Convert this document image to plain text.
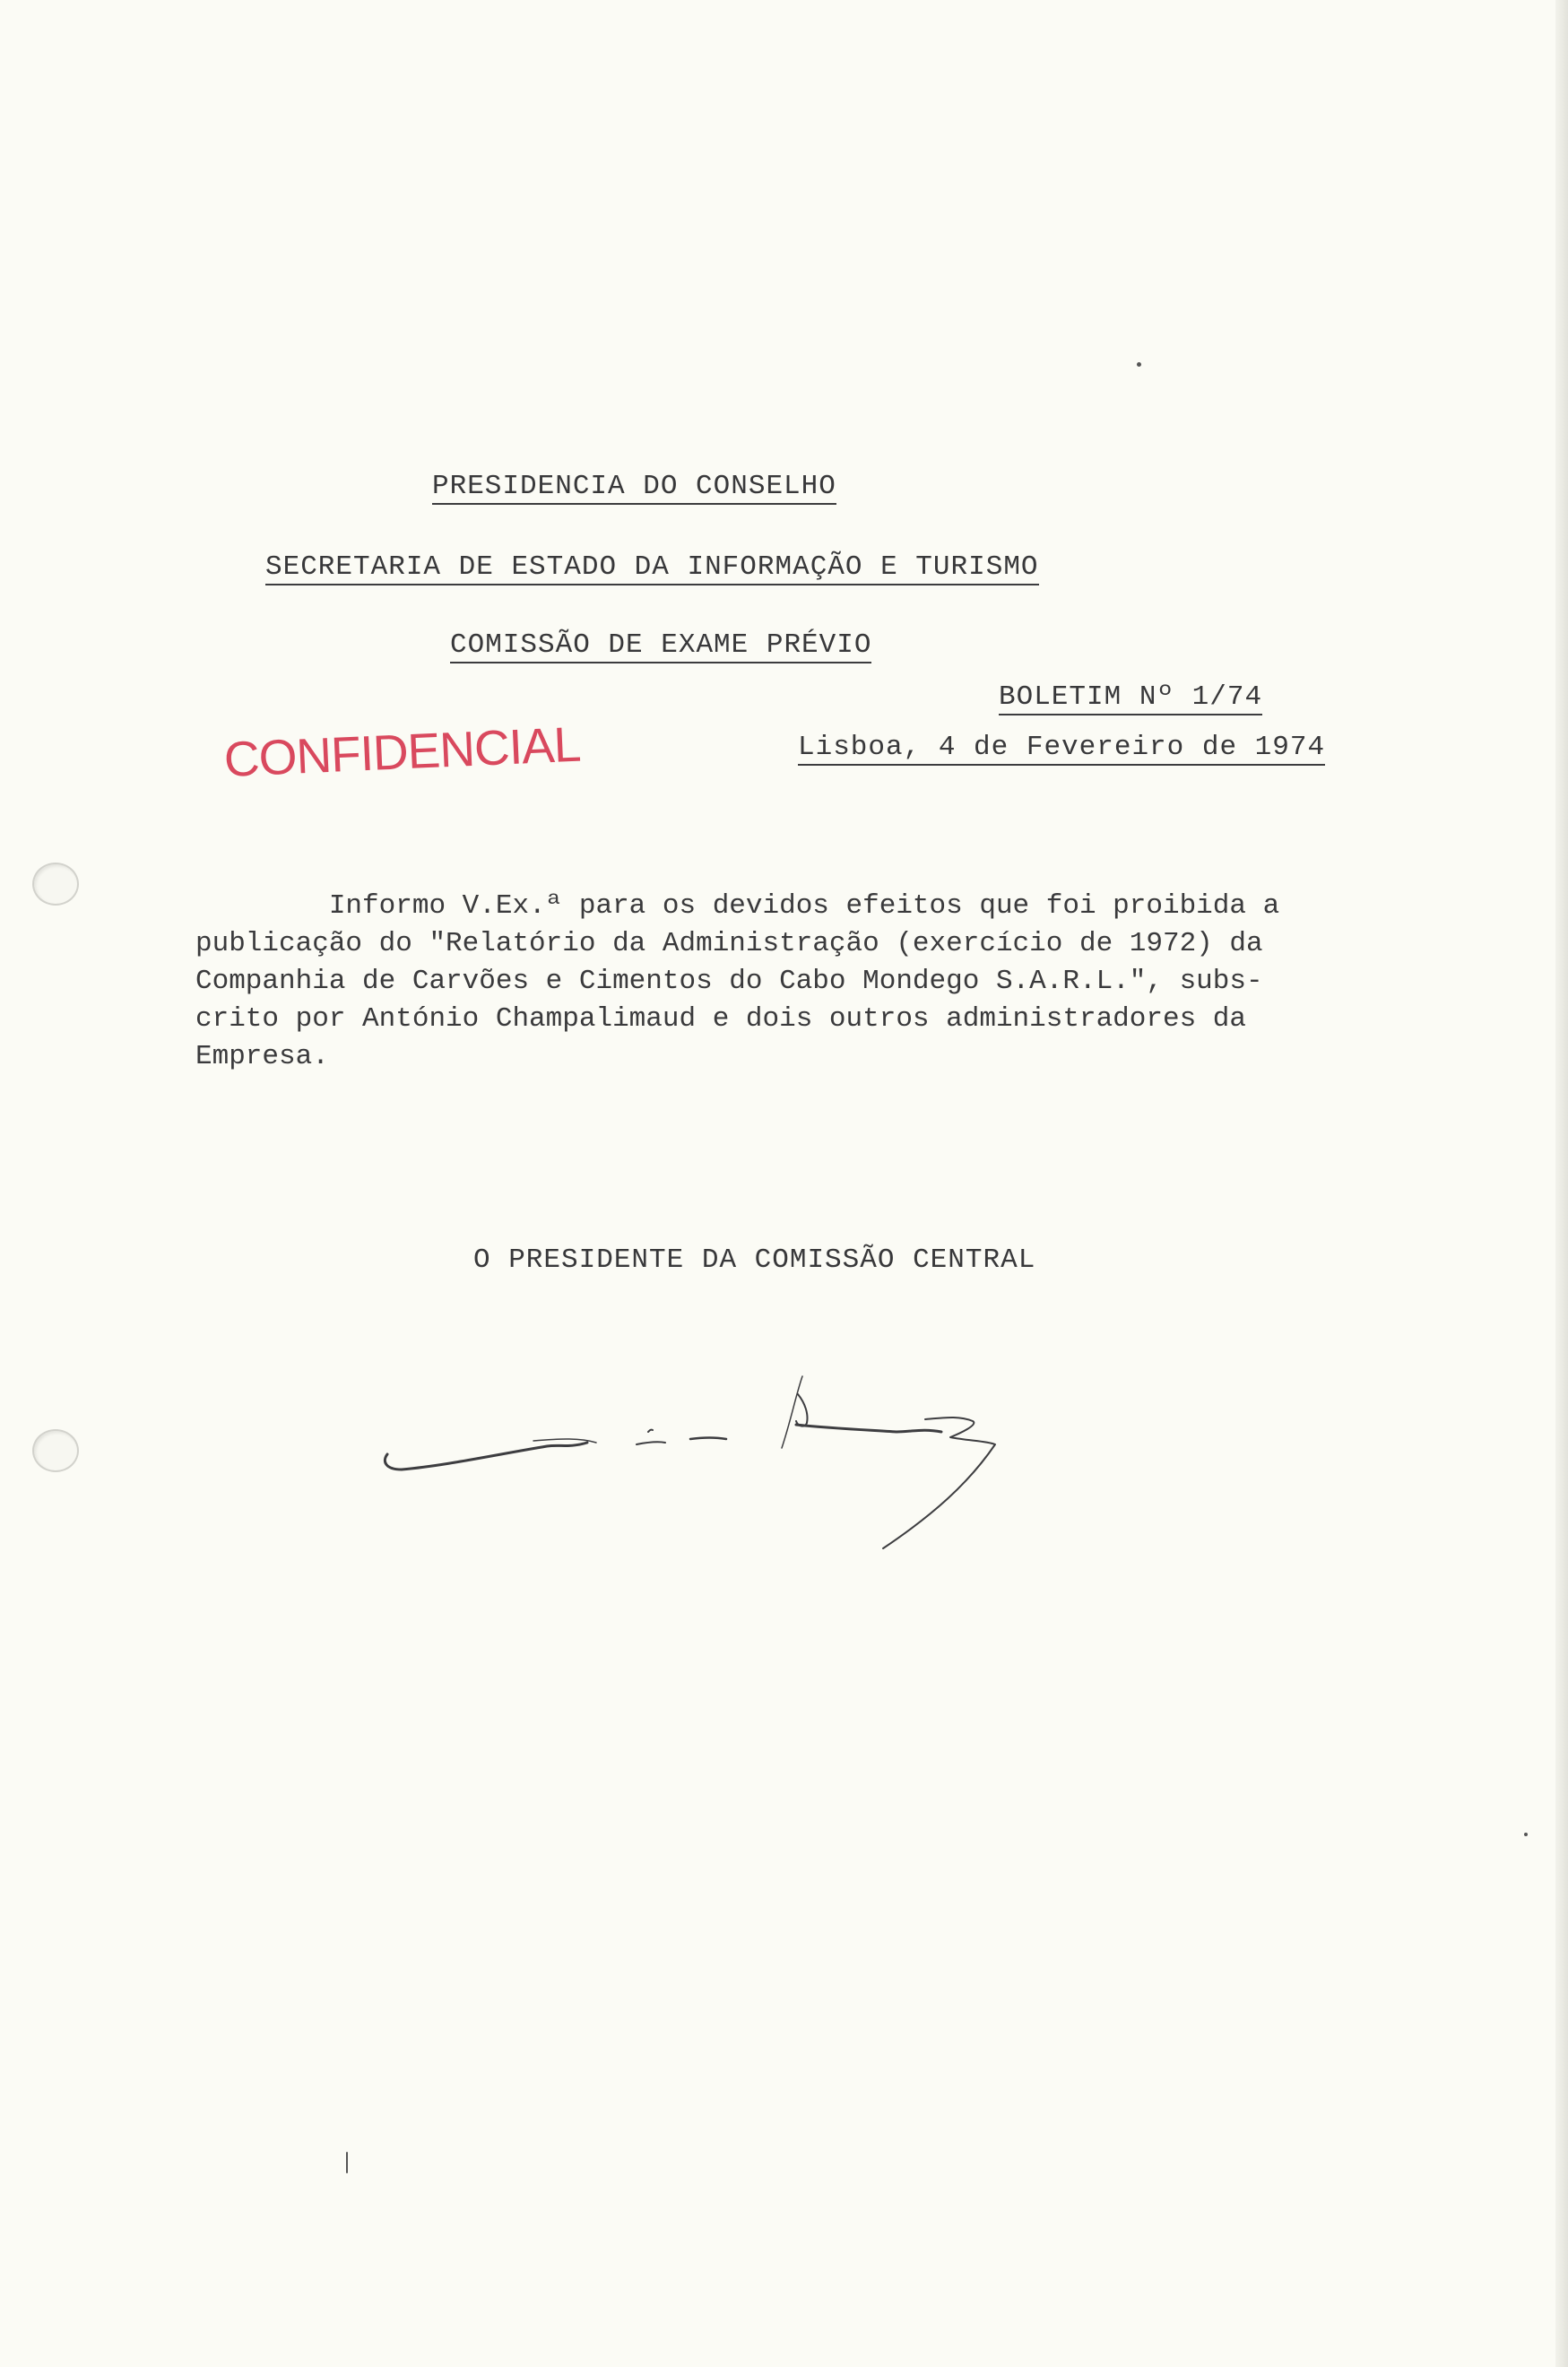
PRESIDENCIA DO CONSELHO
SECRETARIA DE ESTADO DA INFORMAÇÃO E TURISMO
COMISSÃO DE EXAME PRÉVIO
BOLETIM Nº 1/74
Lisboa, 4 de Fevereiro de 1974
CONFIDENCIAL
Informo V.Ex.ª para os devidos efeitos que foi proibida a
publicação do "Relatório da Administração (exercício de 1972) da
Companhia de Carvões e Cimentos do Cabo Mondego S.A.R.L.", subs-
crito por António Champalimaud e dois outros administradores da
Empresa.
O PRESIDENTE DA COMISSÃO CENTRAL
